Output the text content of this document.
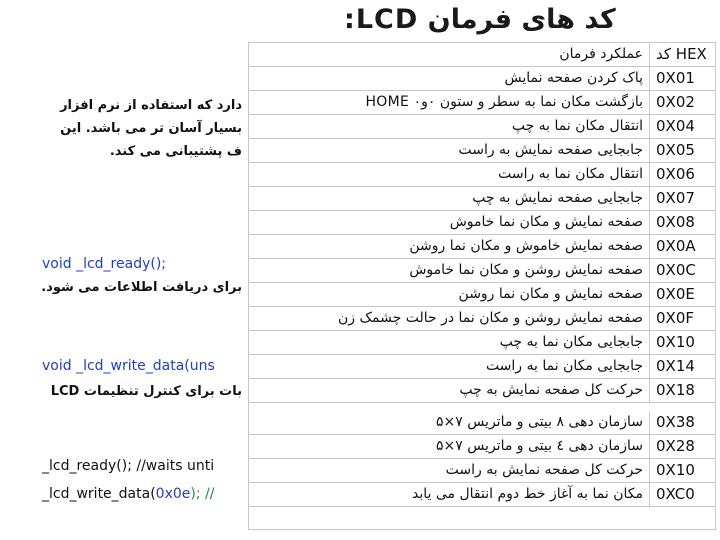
کد های فرمان LCD:
دارد که‌ استفاده از نرم افزار
بسیار آسان تر می باشد. این
ف پشتیبانی می کند.
void _lcd_ready();
برای دریافت اطلاعات می شود.
void _lcd_write_data(uns
بات برای کنترل تنظیمات LCD
_lcd_ready(); //waits unti
_lcd_write_data(0x0e); //
عملکرد فرمان کد HEX
پاک کردن صفحه نمایش 0X01
بازگشت مکان نما به سطر و ستون ۰و۰ HOME 0X02
انتقال مکان نما به چپ 0X04
جابجایی صفحه نمایش به راست 0X05
انتقال مکان نما به راست 0X06
جابجایی صفحه نمایش به چپ 0X07
صفحه نمایش و مکان نما خاموش 0X08
صفحه نمایش خاموش و مکان نما روشن 0X0A
صفحه نمایش روشن و مکان نما خاموش 0X0C
صفحه نمایش و مکان نما روشن 0X0E
صفحه نمایش روشن و مکان نما در حالت چشمک زن 0X0F
جابجایی مکان نما به چپ 0X10
جابجایی مکان نما به راست 0X14
حرکت کل صفحه نمایش به چپ 0X18
سازمان دهی ۸ بیتی و ماتریس ۷×۵ 0X38
سازمان دهی ٤ بیتی و ماتریس ۷×۵ 0X28
حرکت کل صفحه نمایش به راست 0X10
مکان نما به آغاز خط دوم انتقال می یابد 0XC0
